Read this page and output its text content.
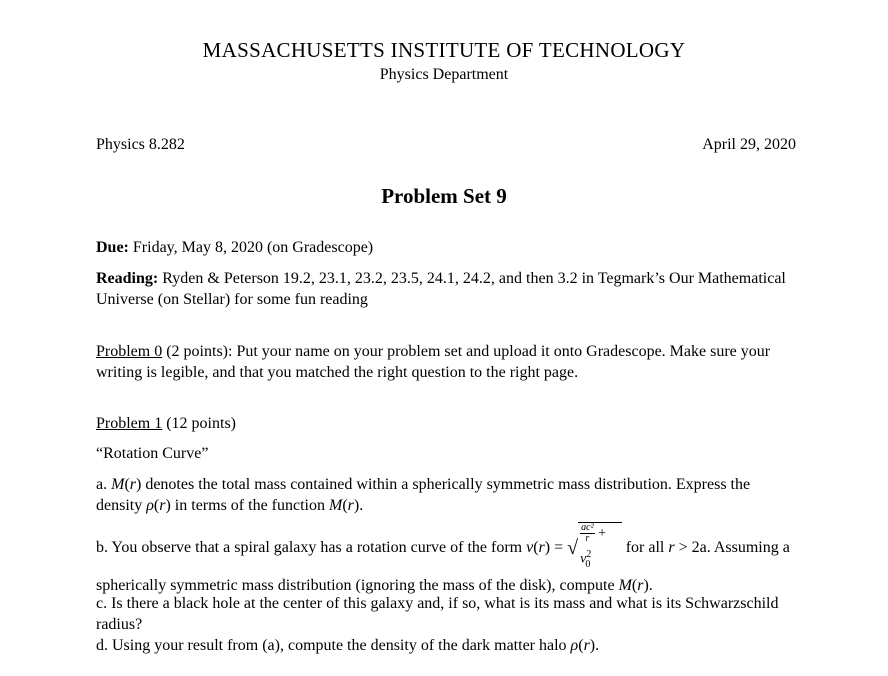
MASSACHUSETTS INSTITUTE OF TECHNOLOGY
Physics Department
Physics 8.282	April 29, 2020
Problem Set 9
Due: Friday, May 8, 2020 (on Gradescope)
Reading: Ryden & Peterson 19.2, 23.1, 23.2, 23.5, 24.1, 24.2, and then 3.2 in Tegmark’s Our Mathematical Universe (on Stellar) for some fun reading
Problem 0 (2 points): Put your name on your problem set and upload it onto Gradescope. Make sure your writing is legible, and that you matched the right question to the right page.
Problem 1 (12 points)
“Rotation Curve”
a. M(r) denotes the total mass contained within a spherically symmetric mass distribution. Express the density ρ(r) in terms of the function M(r).
b. You observe that a spiral galaxy has a rotation curve of the form v(r) = √
$\frac{\text{ac²}}{r} + v^2_0$ for all r > 2a. Assuming a spherically symmetric mass distribution (ignoring the mass of the disk), compute M(r).
c. Is there a black hole at the center of this galaxy and, if so, what is its mass and what is its Schwarzschild radius?
d. Using your result from (a), compute the density of the dark matter halo ρ(r).
